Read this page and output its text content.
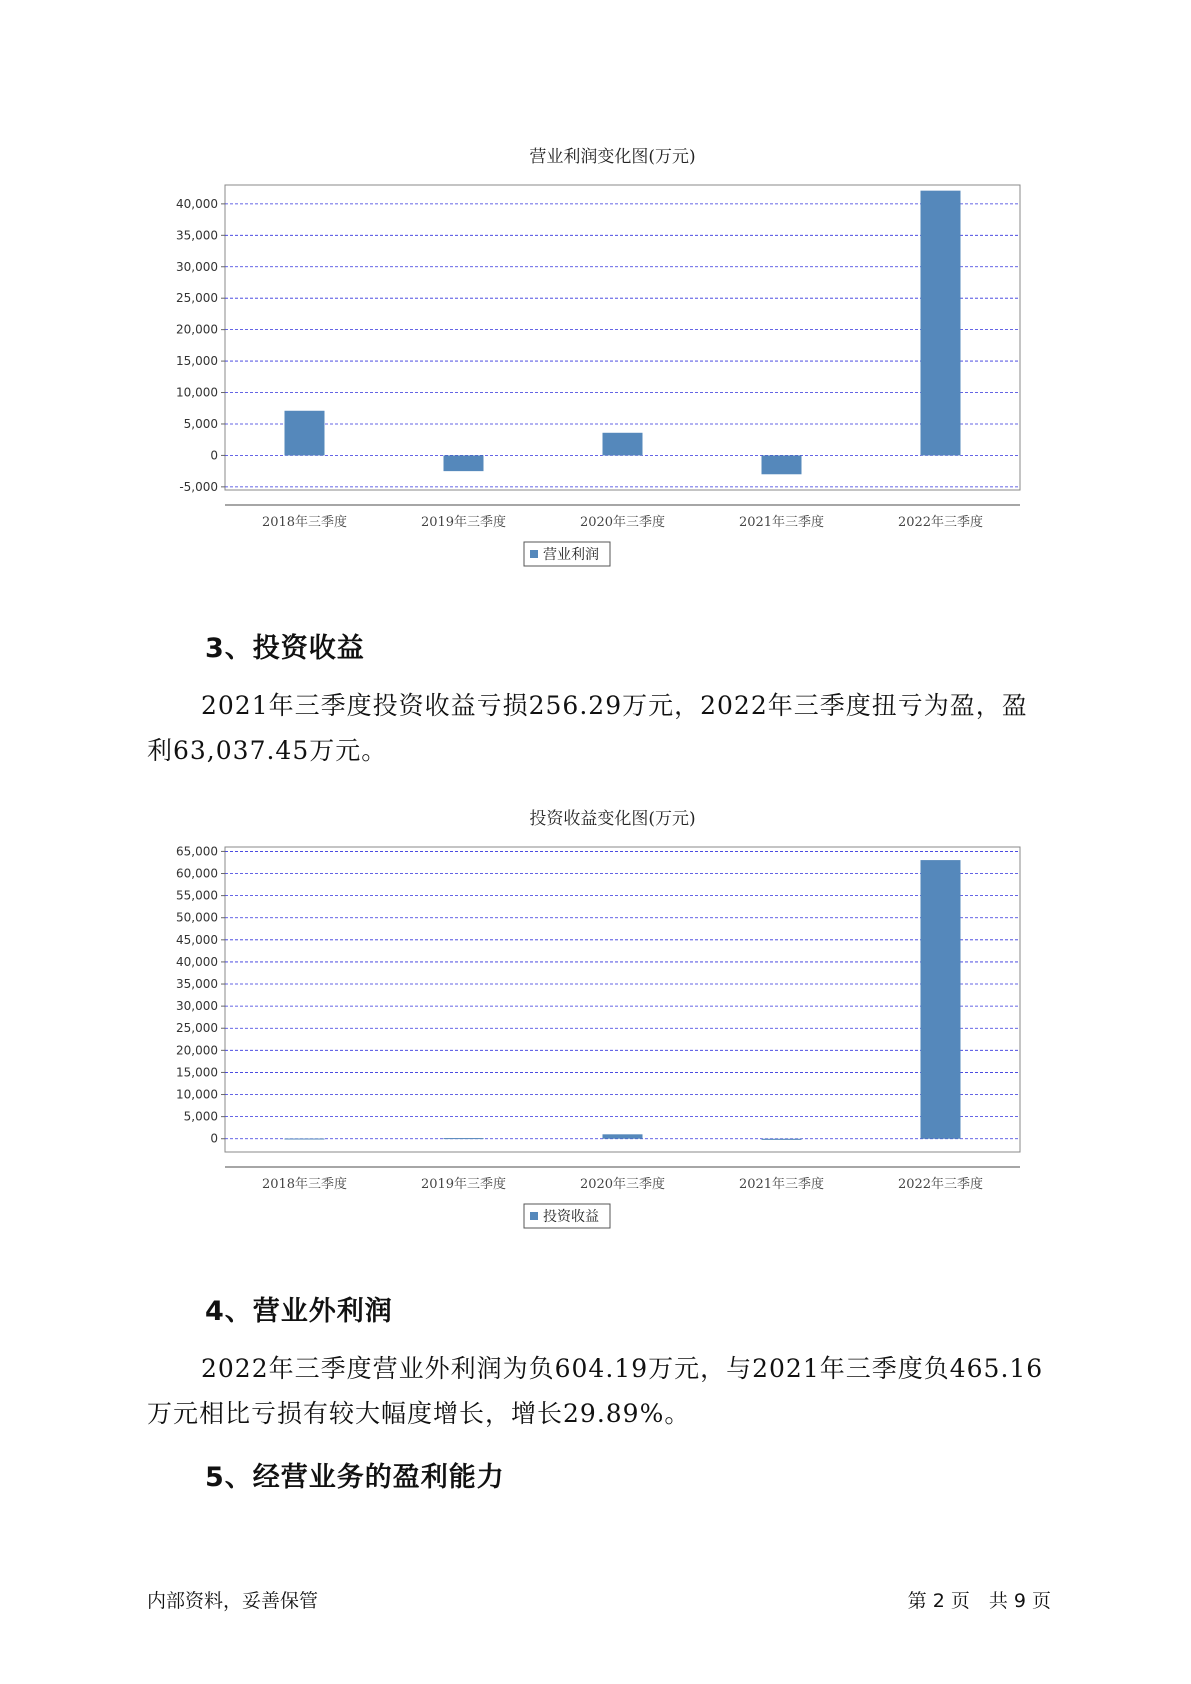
营业利润变化图(万元)
-5,000
0
5,000
10,000
15,000
20,000
25,000
30,000
35,000
40,000
2018年三季度	2019年三季度	2020年三季度	2021年三季度	2022年三季度
营业利润
3、投资收益
2021年三季度投资收益亏损256.29万元，2022年三季度扭亏为盈，盈
利63,037.45万元。
投资收益变化图(万元)
0
5,000
10,000
15,000
20,000
25,000
30,000
35,000
40,000
45,000
50,000
55,000
60,000
65,000
2018年三季度	2019年三季度	2020年三季度	2021年三季度	2022年三季度
投资收益
4、营业外利润
2022年三季度营业外利润为负604.19万元，与2021年三季度负465.16
万元相比亏损有较大幅度增长，增长29.89%。
5、经营业务的盈利能力
内部资料，妥善保管	第 2 页　共 9 页
